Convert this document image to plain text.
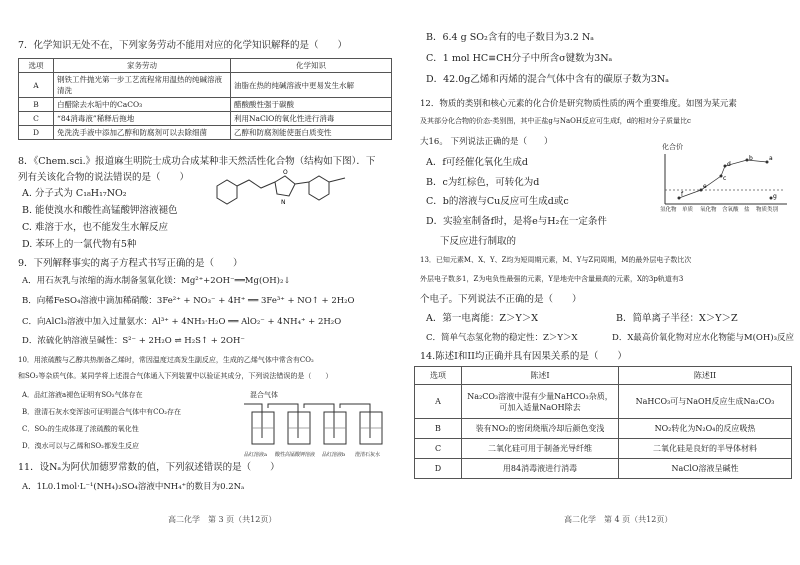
7．化学知识无处不在，下列家务劳动不能用对应的化学知识解释的是（　　）
选项	家务劳动	化学知识
A	钢铁工件抛光第一步工艺流程常用温热的纯碱溶液清洗	油脂在热的纯碱溶液中更易发生水解
B	白醋除去水垢中的CaCO₃	醋酸酸性强于碳酸
C	“84消毒液”稀释后拖地	利用NaClO的氧化性进行消毒
D	免洗洗手液中添加乙醇和防腐剂可以去除细菌	乙醇和防腐剂能使蛋白质变性
8．《Chem.sci.》报道麻生明院士成功合成某种非天然活性化合物（结构如下图）．下
列有关该化合物的说法错误的是（　　）	O
N
A. 分子式为 C₁₈H₁₇NO₂
B. 能使溴水和酸性高锰酸钾溶液褪色
C. 难溶于水，也不能发生水解反应
D. 苯环上的一氯代物有5种
9．下列解释事实的离子方程式书写正确的是（　　）
A．用石灰乳与浓缩的海水制备氢氧化镁：Mg²⁺+2OH⁻══Mg(OH)₂↓
B．向稀FeSO₄溶液中滴加稀硝酸：3Fe²⁺ + NO₃⁻ + 4H⁺ ══ 3Fe³⁺ + NO↑ + 2H₂O
C．向AlCl₃溶液中加入过量氨水：Al³⁺ + 4NH₃·H₂O ══ AlO₂⁻ + 4NH₄⁺ + 2H₂O
D．浓硫化钠溶液呈碱性：S²⁻ + 2H₂O ⇌ H₂S↑ + 2OH⁻
10．用浓硫酸与乙醇共热制备乙烯时，常因温度过高发生副反应，生成的乙烯气体中常含有CO₂
和SO₂等杂质气体。某同学将上述混合气体通入下列装置中以验证其成分，下列说法错误的是（　　）
A．品红溶液a褪色证明有SO₂气体存在
B．澄清石灰水变浑浊可证明混合气体中有CO₂存在
C．SO₂的生成体现了浓硫酸的氧化性
D．溴水可以与乙烯和SO₂都发生反应
混合气体
品红溶液a 酸性高锰酸钾溶液 品红溶液b 澄清石灰水
11．设Nₐ为阿伏加德罗常数的值，下列叙述错误的是（　　）
A．1L0.1mol·L⁻¹(NH₄)₂SO₄溶液中NH₄⁺的数目为0.2Nₐ
高二化学　第 3 页（共12页）
B．6.4 g SO₂含有的电子数目为3.2 Nₐ
C．1 mol HC≡CH分子中所含σ键数为3Nₐ
D．42.0g乙烯和丙烯的混合气体中含有的碳原子数为3Nₐ
12．物质的类别和核心元素的化合价是研究物质性质的两个重要维度。如图为某元素
及其部分化合物的价态-类别图，其中正盐g与NaOH反应可生成f，d的相对分子质量比c
大16。 下列说法正确的是（　　）
A．f可经催化氧化生成d
B．c为红棕色，可转化为d
C．b的溶液与Cu反应可生成d或c
D．实验室制备f时，是将e与H₂在一定条件
下反应进行制取的
化合价
f
e
c
d
b	a
g
氢化物 单质 氧化物 含氧酸 盐 物质类别
13．已知元素M、X、Y、Z均为短周期元素，M、Y与Z同周期，M的最外层电子数比次
外层电子数多1，Z为电负性最强的元素，Y是地壳中含量最高的元素，X的3p轨道有3
个电子。下列说法不正确的是（　　）
A．第一电离能：Z＞Y＞X	B．简单离子半径：X＞Y＞Z
C．简单气态氢化物的稳定性：Z＞Y＞X	D．X最高价氧化物对应水化物能与M(OH)₃反应
14.陈述I和II均正确并具有因果关系的是（　　）
选项	陈述I	陈述II
A	Na₂CO₃溶液中混有少量NaHCO₃杂质，可加入适量NaOH除去	NaHCO₃可与NaOH反应生成Na₂CO₃
B	装有NO₂的密闭烧瓶冷却后颜色变浅	NO₂转化为N₂O₄的反应吸热
C	二氧化硅可用于制备光导纤维	二氧化硅是良好的半导体材料
D	用84消毒液进行消毒	NaClO溶液呈碱性
高二化学　第 4 页（共12页）
